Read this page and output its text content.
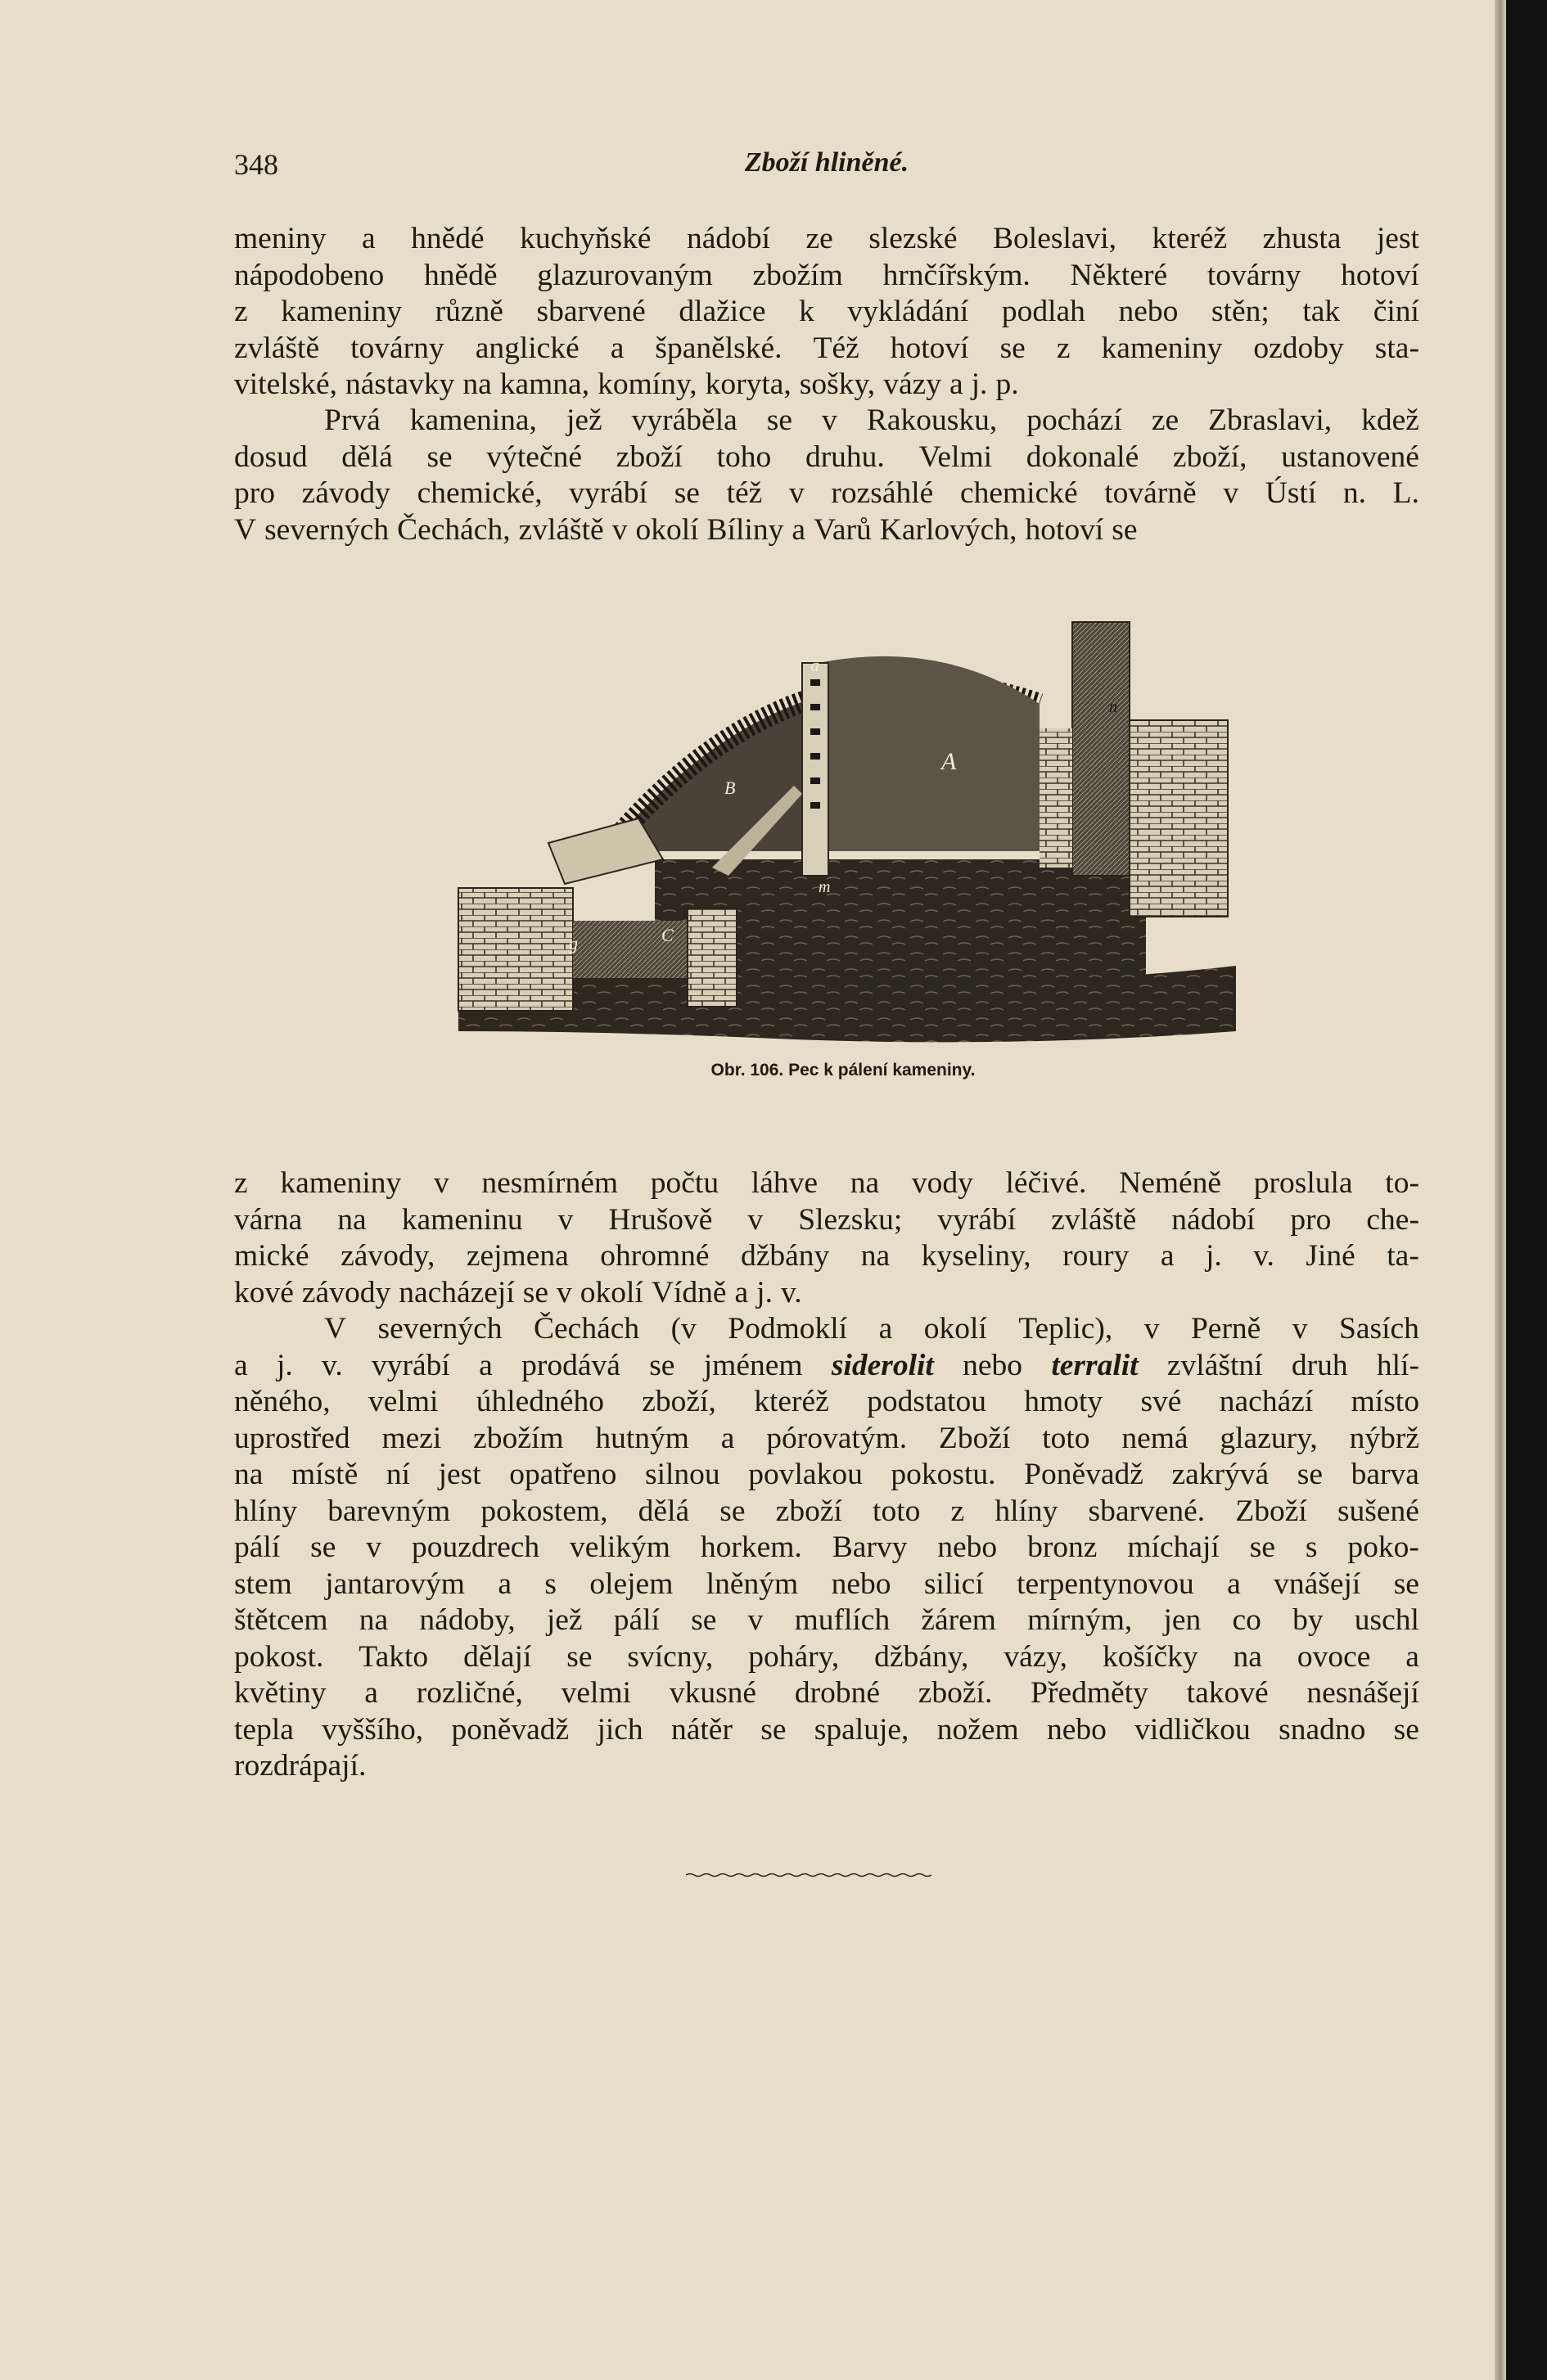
348	Zboží hliněné.
meniny a hnědé kuchyňské nádobí ze slezské Boleslavi, kteréž zhusta jest
nápodobeno hnědě glazurovaným zbožím hrnčířským. Některé továrny hotoví
z kameniny různě sbarvené dlažice k vykládání podlah nebo stěn; tak činí
zvláště továrny anglické a španělské. Též hotoví se z kameniny ozdoby sta-
vitelské, nástavky na kamna, komíny, koryta, sošky, vázy a j. p.
Prvá kamenina, jež vyráběla se v Rakousku, pochází ze Zbraslavi, kdež
dosud dělá se výtečné zboží toho druhu. Velmi dokonalé zboží, ustanovené
pro závody chemické, vyrábí se též v rozsáhlé chemické továrně v Ústí n. L.
V severných Čechách, zvláště v okolí Bíliny a Varů Karlových, hotoví se
a
A
B
C
g
m
n
Obr. 106. Pec k pálení kameniny.
z kameniny v nesmírném počtu láhve na vody léčivé. Neméně proslula to-
várna na kameninu v Hrušově v Slezsku; vyrábí zvláště nádobí pro che-
mické závody, zejmena ohromné džbány na kyseliny, roury a j. v. Jiné ta-
kové závody nacházejí se v okolí Vídně a j. v.
V severných Čechách (v Podmoklí a okolí Teplic), v Perně v Sasích
a j. v. vyrábí a prodává se jménem siderolit nebo terralit zvláštní druh hlí-
něného, velmi úhledného zboží, kteréž podstatou hmoty své nachází místo
uprostřed mezi zbožím hutným a pórovatým. Zboží toto nemá glazury, nýbrž
na místě ní jest opatřeno silnou povlakou pokostu. Poněvadž zakrývá se barva
hlíny barevným pokostem, dělá se zboží toto z hlíny sbarvené. Zboží sušené
pálí se v pouzdrech velikým horkem. Barvy nebo bronz míchají se s poko-
stem jantarovým a s olejem lněným nebo silicí terpentynovou a vnášejí se
štětcem na nádoby, jež pálí se v muflích žárem mírným, jen co by uschl
pokost. Takto dělají se svícny, poháry, džbány, vázy, košíčky na ovoce a
květiny a rozličné, velmi vkusné drobné zboží. Předměty takové nesnášejí
tepla vyššího, poněvadž jich nátěr se spaluje, nožem nebo vidličkou snadno se
rozdrápají.
